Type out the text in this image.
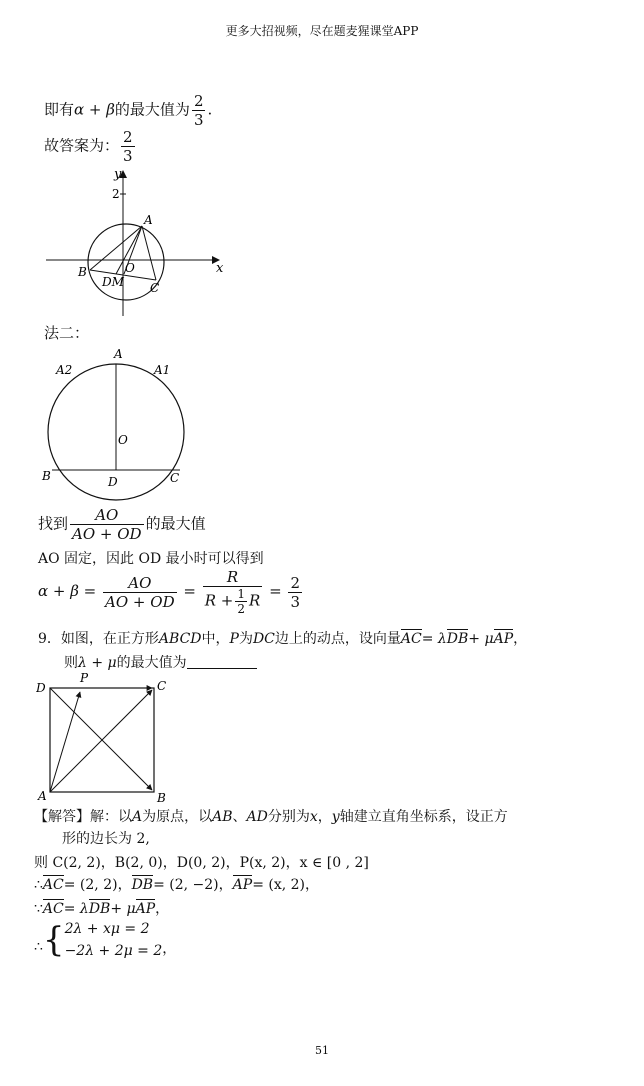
更多大招视频，尽在题麦猩课堂APP
即有α + β的最大值为 $\frac{2}{3}$ .
故答案为： $\frac{2}{3}$
y
2
x
A
B	O
DM C
法二：
A
A1
A2
O
B	D	C
找到 $\frac{AO}{AO + OD}$ 的最大值
AO 固定，因此 OD 最小时可以得到
$\alpha + \beta = \frac{AO}{AO + OD} = \frac{R}{R + \frac{1}{2} R} = \frac{2}{3}$
9．如图，在正方形ABCD中，P为DC边上的动点，设向量AC= λDB+ μAP，
则λ + μ的最大值为
D
P
C
A	B
【解答】解：以A为原点，以AB、AD分别为x，y轴建立直角坐标系，设正方
形的边长为 2,
则 C(2, 2)，B(2, 0)，D(0, 2)，P(x, 2)，x ∈ [0 , 2]
∴AC= (2, 2)，DB= (2, −2)，AP= (x, 2)，
∵AC= λDB+ μAP，
∴{ 2λ + xμ = 2
−2λ + 2μ = 2 ，
51
